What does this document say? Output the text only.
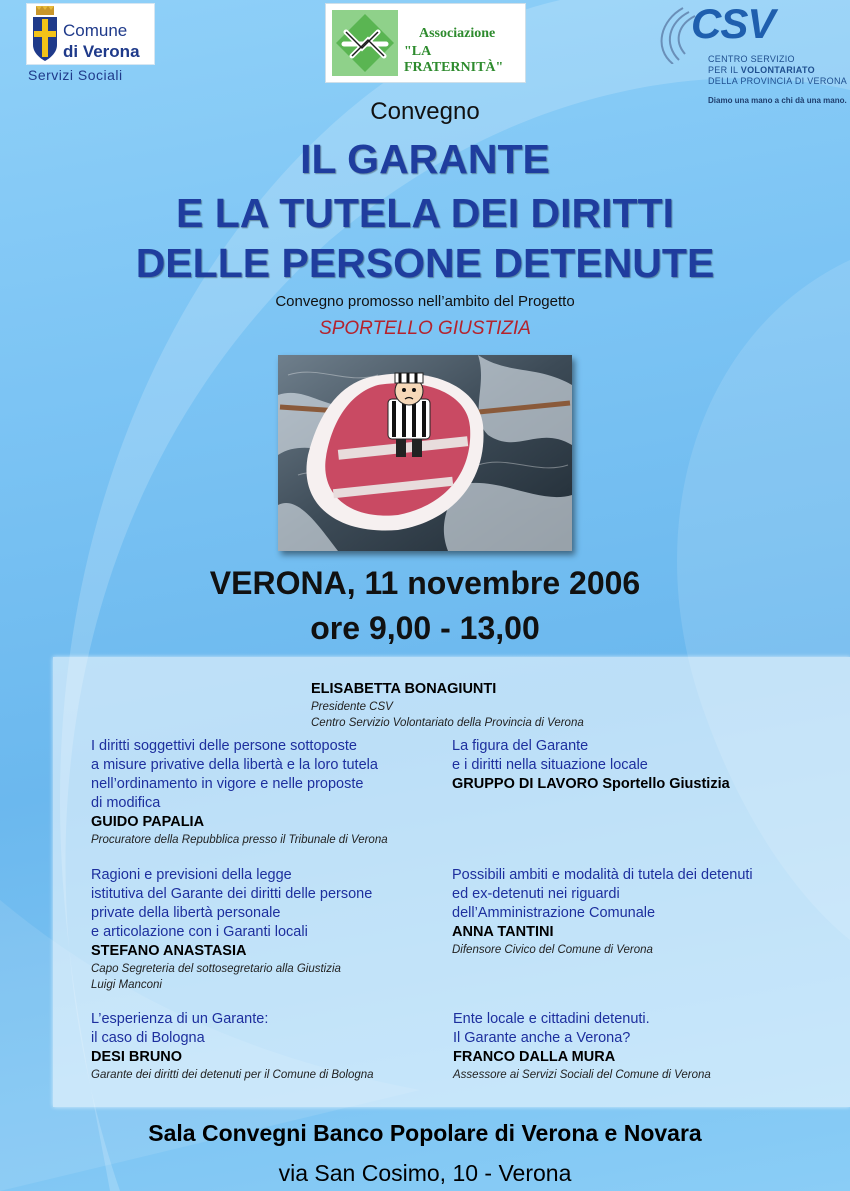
Comune
di Verona
Servizi Sociali
Associazione
"LA FRATERNITÀ"
CSV
CENTRO SERVIZIO
PER IL VOLONTARIATO
DELLA PROVINCIA DI VERONA
Diamo una mano a chi dà una mano.
Convegno
IL GARANTE
E LA TUTELA DEI DIRITTI
DELLE PERSONE DETENUTE
Convegno promosso nell’ambito del Progetto
SPORTELLO GIUSTIZIA
VERONA, 11 novembre 2006
ore 9,00 - 13,00
ELISABETTA BONAGIUNTI
Presidente CSV
Centro Servizio Volontariato della Provincia di Verona
I diritti soggettivi delle persone sottoposte
a misure privative della libertà e la loro tutela
nell’ordinamento in vigore e nelle proposte
di modifica
GUIDO PAPALIA
Procuratore della Repubblica presso il Tribunale di Verona
La figura del Garante
e i diritti nella situazione locale
GRUPPO DI LAVORO Sportello Giustizia
Ragioni e previsioni della legge
istitutiva del Garante dei diritti delle persone
private della libertà personale
e articolazione con i Garanti locali
STEFANO ANASTASIA
Capo Segreteria del sottosegretario alla Giustizia
Luigi Manconi
Possibili ambiti e modalità di tutela dei detenuti
ed ex-detenuti nei riguardi
dell’Amministrazione Comunale
ANNA TANTINI
Difensore Civico del Comune di Verona
L’esperienza di un Garante:
il caso di Bologna
DESI BRUNO
Garante dei diritti dei detenuti per il Comune di Bologna
Ente locale e cittadini detenuti.
Il Garante anche a Verona?
FRANCO DALLA MURA
Assessore ai Servizi Sociali del Comune di Verona
Sala Convegni Banco Popolare di Verona e Novara
via San Cosimo, 10 - Verona
